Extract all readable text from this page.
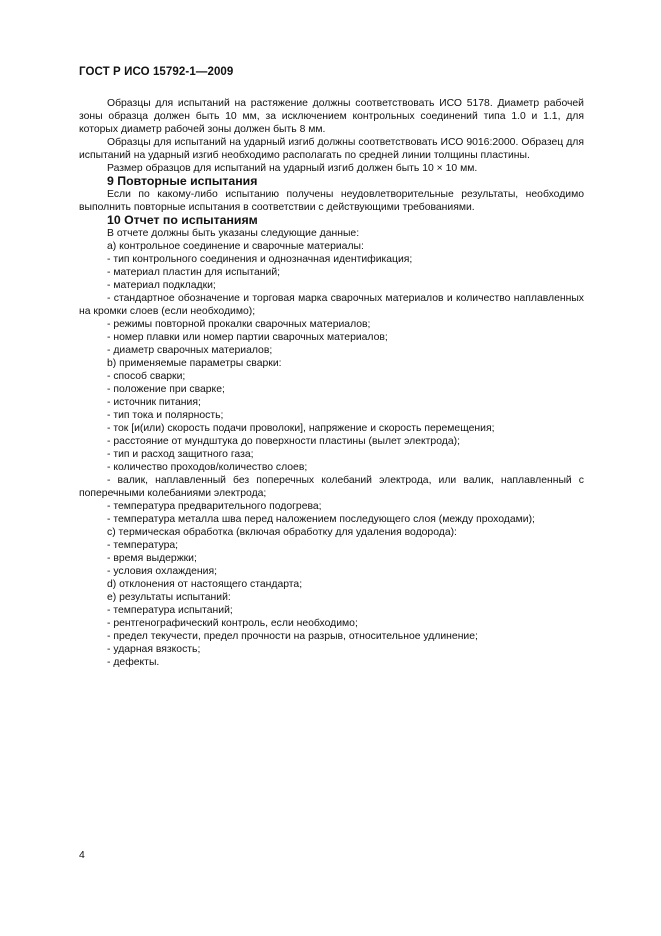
ГОСТ Р ИСО 15792-1—2009

Образцы для испытаний на растяжение должны соответствовать ИСО 5178. Диаметр рабочей зоны образца должен быть 10 мм, за исключением контрольных соединений типа 1.0 и 1.1, для которых диаметр рабочей зоны должен быть 8 мм.

Образцы для испытаний на ударный изгиб должны соответствовать ИСО 9016:2000. Образец для испытаний на ударный изгиб необходимо располагать по средней линии толщины пластины.

Размер образцов для испытаний на ударный изгиб должен быть 10 × 10 мм.

9 Повторные испытания

Если по какому-либо испытанию получены неудовлетворительные результаты, необходимо выполнить повторные испытания в соответствии с действующими требованиями.

10 Отчет по испытаниям

В отчете должны быть указаны следующие данные:

а) контрольное соединение и сварочные материалы:

- тип контрольного соединения и однозначная идентификация;

- материал пластин для испытаний;

- материал подкладки;

- стандартное обозначение и торговая марка сварочных материалов и количество наплавленных на кромки слоев (если необходимо);

- режимы повторной прокалки сварочных материалов;

- номер плавки или номер партии сварочных материалов;

- диаметр сварочных материалов;

b) применяемые параметры сварки:

- способ сварки;

- положение при сварке;

- источник питания;

- тип тока и полярность;

- ток [и(или) скорость подачи проволоки], напряжение и скорость перемещения;

- расстояние от мундштука до поверхности пластины (вылет электрода);

- тип и расход защитного газа;

- количество проходов/количество слоев;

- валик, наплавленный без поперечных колебаний электрода, или валик, наплавленный с поперечными колебаниями электрода;

- температура предварительного подогрева;

- температура металла шва перед наложением последующего слоя (между проходами);

с) термическая обработка (включая обработку для удаления водорода):

- температура;

- время выдержки;

- условия охлаждения;

d) отклонения от настоящего стандарта;

е) результаты испытаний:

- температура испытаний;

- рентгенографический контроль, если необходимо;

- предел текучести, предел прочности на разрыв, относительное удлинение;

- ударная вязкость;

- дефекты.

4
